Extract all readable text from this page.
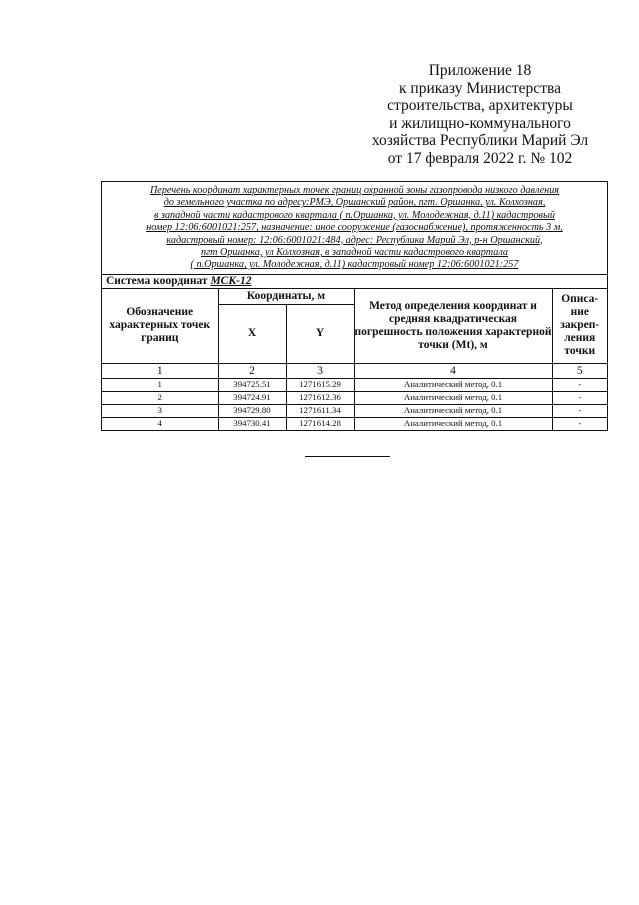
Приложение 18
к приказу Министерства
строительства, архитектуры
и жилищно-коммунального
хозяйства Республики Марий Эл
от 17 февраля 2022 г. № 102
Перечень координат характерных точек границ охранной зоны газопровода низкого давления
до земельного участка по адресу:РМЭ, Оршанский район, пгт. Оршанка, ул. Колхозная,
в западной части кадастрового квартала ( п.Оршанка, ул. Молодежная, д.11) кадастровый
номер 12:06:6001021:257, назначение: иное сооружение (газоснабжение), протяженность 3 м,
кадастровый номер: 12:06:6001021:484, адрес: Республика Марий Эл, р-н Оршанский,
пгт Оршанка, ул Колхозная, в западной части кадастрового квартала
( п.Оршанка, ул. Молодежная, д.11) кадастровый номер 12:06:6001021:257
Система координат МСК-12
Обозначение характерных точек границ	Координаты, м		Метод определения координат и средняя квадратическая погрешность положения характерной точки (Mt), м	Описа- ние закреп- ления точки
	X	Y		
1	2	3	4	5
1	394725.51	1271615.29	Аналитический метод, 0.1	-
2	394724.91	1271612.36	Аналитический метод, 0.1	-
3	394729.80	1271611.34	Аналитический метод, 0.1	-
4	394730.41	1271614.28	Аналитический метод, 0.1	-
